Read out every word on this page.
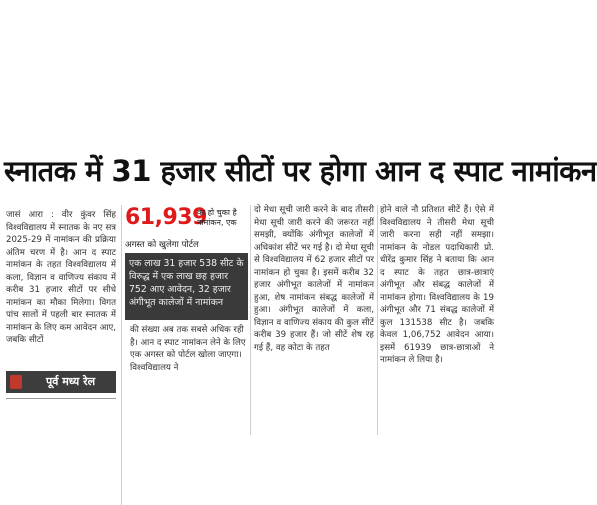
स्नातक में 31 हजार सीटों पर होगा आन द स्पाट नामांकन

जासं आरा : वीर कुंवर सिंह विश्वविद्यालय में स्नातक के नए सत्र 2025-29 में नामांकन की प्रक्रिया अंतिम चरण में है। आन द स्पाट नामांकन के तहत विश्वविद्यालय में कला, विज्ञान व वाणिज्य संकाय में करीब 31 हजार सीटों पर सीधे नामांकन का मौका मिलेगा। विगत पांच सालों में पहली बार स्नातक में नामांकन के लिए कम आवेदन आए, जबकि सीटों

61,939
का हो चुका है नामांकन, एक
अगस्त को खुलेगा पोर्टल
एक लाख 31 हजार 538 सीट के विरुद्ध में एक लाख छह हजार 752 आए आवेदन, 32 हजार अंगीभूत कालेजों में नामांकन

की संख्या अब तक सबसे अधिक रही है। आन द स्पाट नामांकन लेने के लिए एक अगस्त को पोर्टल खोला जाएगा। विश्वविद्यालय ने

दो मेधा सूची जारी करने के बाद तीसरी मेधा सूची जारी करने की जरूरत नहीं समझी, क्योंकि अंगीभूत कालेजों में अधिकांश सीटें भर गई है। दो मेधा सूची से विश्वविद्यालय में 62 हजार सीटों पर नामांकन हो चुका है। इसमें करीब 32 हजार अंगीभूत कालेजों में नामांकन हुआ, शेष नामांकन संबद्ध कालेजों में हुआ। अंगीभूत कालेजों में कला, विज्ञान व वाणिज्य संकाय की कुल सीटें करीब 39 हजार हैं। जो सीटें शेष रह गई हैं, वह कोटा के तहत

होने वाले नौ प्रतिशत सीटें हैं। ऐसे में विश्वविद्यालय ने तीसरी मेधा सूची जारी करना सही नहीं समझा। नामांकन के नोडल पदाधिकारी प्रो. धीरेंद्र कुमार सिंह ने बताया कि आन द स्पाट के तहत छात्र-छात्राएं अंगीभूत और संबद्ध कालेजों में नामांकन होगा। विश्वविद्यालय के 19 अंगीभूत और 71 संबद्ध कालेजों में कुल 131538 सीट है। जबकि केवल 1,06,752 आवेदन आया। इसमें 61939 छात्र-छात्राओं ने नामांकन ले लिया है।

पूर्व मध्य रेल
